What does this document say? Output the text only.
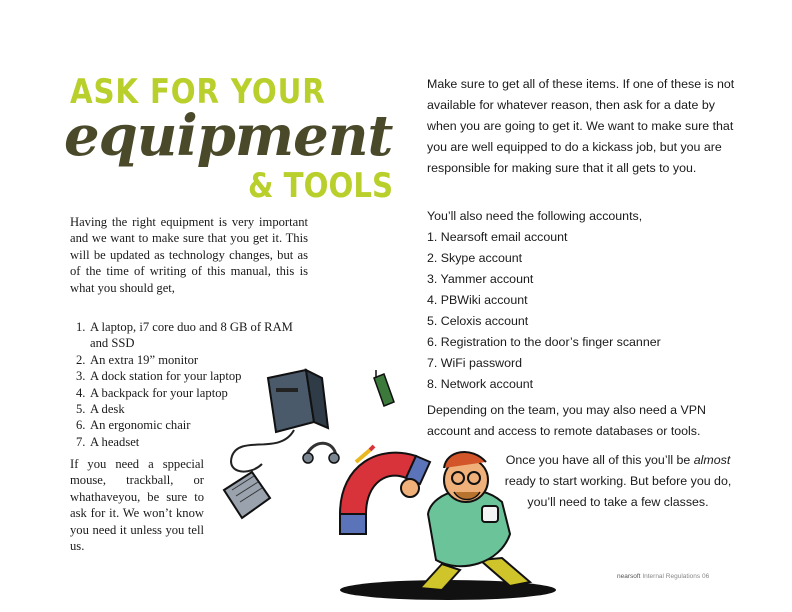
ASK FOR YOUR
equipment
& TOOLS
Having the right equipment is very important and we want to make sure that you get it. This will be updated as technology changes, but as of the time of writing of this manual, this is what you should get,
1. A laptop, i7 core duo and 8 GB of RAM
and SSD
2. An extra 19” monitor
3. A dock station for your laptop
4. A backpack for your laptop
5. A desk
6. An ergonomic chair
7. A headset
If you need a sppecial mouse, trackball, or whathaveyou, be sure to ask for it. We won’t know you need it unless you tell us.
Make sure to get all of these items. If one of these is not available for whatever reason, then ask for a date by when you are going to get it. We want to make sure that you are well equipped to do a kickass job, but you are responsible for making sure that it all gets to you.
You’ll also need the following accounts,
1. Nearsoft email account
2. Skype account
3. Yammer account
4. PBWiki account
5. Celoxis account
6. Registration to the door’s finger scanner
7. WiFi password
8. Network account
Depending on the team, you may also need a VPN account and access to remote databases or tools.
Once you have all of this you’ll be almost ready to start working. But before you do, you’ll need to take a few classes.
nearsoft Internal Regulations 06
